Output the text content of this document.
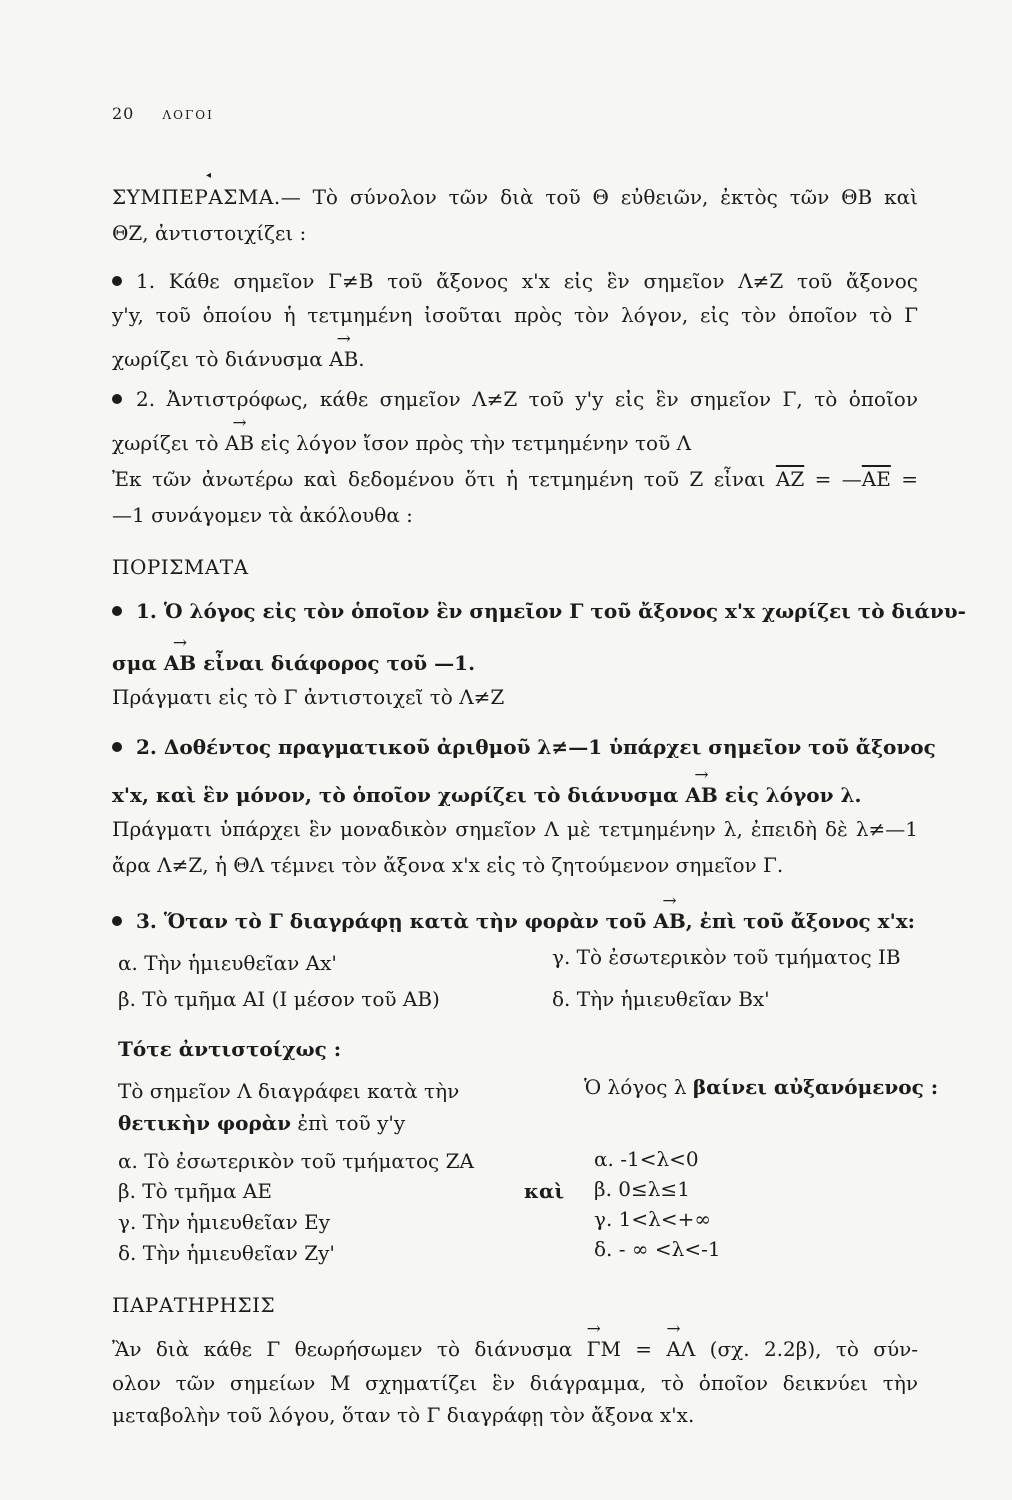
20 ΛΟΓΟΙ
◂
ΣΥΜΠΕΡΑΣΜΑ.— Τὸ σύνολον τῶν διὰ τοῦ Θ εὐθειῶν, ἐκτὸς τῶν ΘΒ καὶ
ΘΖ, ἀντιστοιχίζει :
1. Κάθε σημεῖον Γ≠Β τοῦ ἄξονος x'x εἰς ἓν σημεῖον Λ≠Ζ τοῦ ἄξονος
y'y, τοῦ ὁποίου ἡ τετμημένη ἰσοῦται πρὸς τὸν λόγον, εἰς τὸν ὁποῖον τὸ Γ
χωρίζει τὸ διάνυσμα → ΑΒ.
2. Ἀντιστρόφως, κάθε σημεῖον Λ≠Ζ τοῦ y'y εἰς ἓν σημεῖον Γ, τὸ ὁποῖον
χωρίζει τὸ → ΑΒ εἰς λόγον ἴσον πρὸς τὴν τετμημένην τοῦ Λ
Ἐκ τῶν ἀνωτέρω καὶ δεδομένου ὅτι ἡ τετμημένη τοῦ Ζ εἶναι $\overline{AZ}$ = $—\overline{AE}$ =
—1 συνάγομεν τὰ ἀκόλουθα :
ΠΟΡΙΣΜΑΤΑ
1. Ὁ λόγος εἰς τὸν ὁποῖον ἓν σημεῖον Γ τοῦ ἄξονος x'x χωρίζει τὸ διάνυ-
σμα → ΑΒ εἶναι διάφορος τοῦ —1.
Πράγματι εἰς τὸ Γ ἀντιστοιχεῖ τὸ Λ≠Ζ
2. Δοθέντος πραγματικοῦ ἀριθμοῦ λ≠—1 ὑπάρχει σημεῖον τοῦ ἄξονος
x'x, καὶ ἓν μόνον, τὸ ὁποῖον χωρίζει τὸ διάνυσμα → ΑΒ εἰς λόγον λ.
Πράγματι ὑπάρχει ἓν μοναδικὸν σημεῖον Λ μὲ τετμημένην λ, ἐπειδὴ δὲ λ≠—1
ἄρα Λ≠Ζ, ἡ ΘΛ τέμνει τὸν ἄξονα x'x εἰς τὸ ζητούμενον σημεῖον Γ.
3. Ὅταν τὸ Γ διαγράφῃ κατὰ τὴν φορὰν τοῦ → ΑΒ, ἐπὶ τοῦ ἄξονος x'x:
α. Τὴν ἡμιευθεῖαν Αx'	γ. Τὸ ἐσωτερικὸν τοῦ τμήματος ΙΒ
β. Τὸ τμῆμα ΑΙ (Ι μέσον τοῦ ΑΒ)	δ. Τὴν ἡμιευθεῖαν Βx'
Τότε ἀντιστοίχως :
Τὸ σημεῖον Λ διαγράφει κατὰ τὴν
θετικὴν φορὰν ἐπὶ τοῦ y'y
α. Τὸ ἐσωτερικὸν τοῦ τμήματος ΖΑ
β. Τὸ τμῆμα ΑΕ
γ. Τὴν ἡμιευθεῖαν Εy
δ. Τὴν ἡμιευθεῖαν Ζy'
καὶ
Ὁ λόγος λ βαίνει αὐξανόμενος :
α. -1<λ<0
β. 0≤λ≤1
γ. 1<λ<+∞
δ. - ∞ <λ<-1
ΠΑΡΑΤΗΡΗΣΙΣ
Ἂν διὰ κάθε Γ θεωρήσωμεν τὸ διάνυσμα → ΓΜ = → ΑΛ (σχ. 2.2β), τὸ σύν-
ολον τῶν σημείων Μ σχηματίζει ἓν διάγραμμα, τὸ ὁποῖον δεικνύει τὴν
μεταβολὴν τοῦ λόγου, ὅταν τὸ Γ διαγράφῃ τὸν ἄξονα x'x.
